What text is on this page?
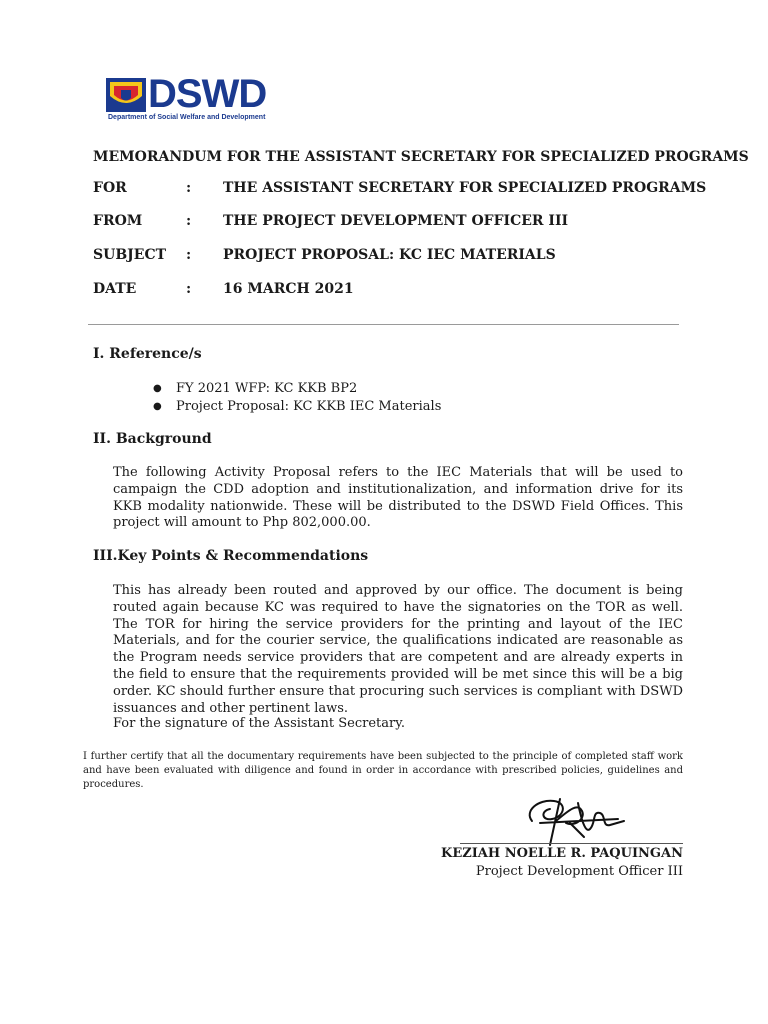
DSWD
Department of Social Welfare and Development
MEMORANDUM FOR THE ASSISTANT SECRETARY FOR SPECIALIZED PROGRAMS
FOR	: THE ASSISTANT SECRETARY FOR SPECIALIZED PROGRAMS
FROM	: THE PROJECT DEVELOPMENT OFFICER III
SUBJECT : PROJECT PROPOSAL: KC IEC MATERIALS
DATE	: 16 MARCH 2021
I. Reference/s
● FY 2021 WFP: KC KKB BP2
● Project Proposal: KC KKB IEC Materials
II. Background
The following Activity Proposal refers to the IEC Materials that will be used to campaign the CDD adoption and institutionalization, and information drive for its KKB modality nationwide. These will be distributed to the DSWD Field Offices. This project will amount to Php 802,000.00.
III.Key Points & Recommendations
This has already been routed and approved by our office. The document is being routed again because KC was required to have the signatories on the TOR as well. The TOR for hiring the service providers for the printing and layout of the IEC Materials, and for the courier service, the qualifications indicated are reasonable as the Program needs service providers that are competent and are already experts in the field to ensure that the requirements provided will be met since this will be a big order. KC should further ensure that procuring such services is compliant with DSWD issuances and other pertinent laws.
For the signature of the Assistant Secretary.
I further certify that all the documentary requirements have been subjected to the principle of completed staff work and have been evaluated with diligence and found in order in accordance with prescribed policies, guidelines and procedures.
KEZIAH NOELLE R. PAQUINGAN
Project Development Officer III
